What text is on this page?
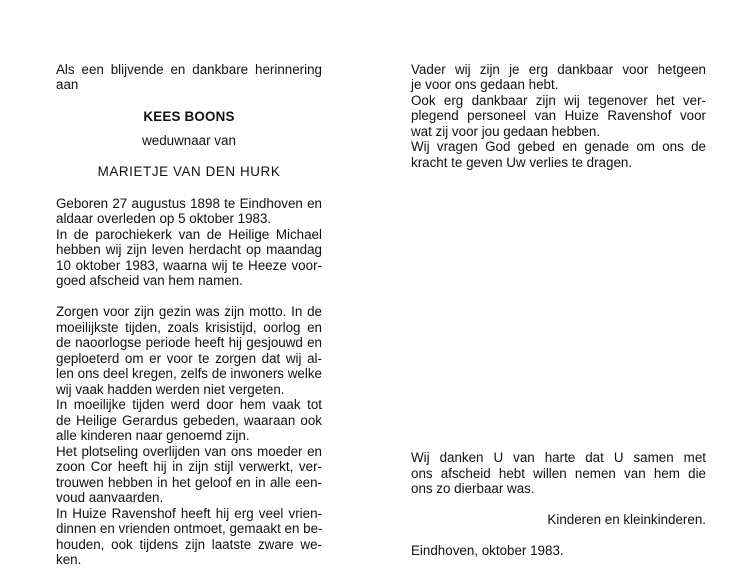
Als een blijvende en dankbare herinnering
aan
KEES BOONS
weduwnaar van
MARIETJE VAN DEN HURK
Geboren 27 augustus 1898 te Eindhoven en
aldaar overleden op 5 oktober 1983.
In de parochiekerk van de Heilige Michael
hebben wij zijn leven herdacht op maandag
10 oktober 1983, waarna wij te Heeze voor-
goed afscheid van hem namen.
Zorgen voor zijn gezin was zijn motto. In de
moeilijkste tijden, zoals krisistijd, oorlog en
de naoorlogse periode heeft hij gesjouwd en
geploeterd om er voor te zorgen dat wij al-
len ons deel kregen, zelfs de inwoners welke
wij vaak hadden werden niet vergeten.
In moeilijke tijden werd door hem vaak tot
de Heilige Gerardus gebeden, waaraan ook
alle kinderen naar genoemd zijn.
Het plotseling overlijden van ons moeder en
zoon Cor heeft hij in zijn stijl verwerkt, ver-
trouwen hebben in het geloof en in alle een-
voud aanvaarden.
In Huize Ravenshof heeft hij erg veel vrien-
dinnen en vrienden ontmoet, gemaakt en be-
houden, ook tijdens zijn laatste zware we-
ken.
Vader wij zijn je erg dankbaar voor hetgeen
je voor ons gedaan hebt.
Ook erg dankbaar zijn wij tegenover het ver-
plegend personeel van Huize Ravenshof voor
wat zij voor jou gedaan hebben.
Wij vragen God gebed en genade om ons de
kracht te geven Uw verlies te dragen.
Wij danken U van harte dat U samen met
ons afscheid hebt willen nemen van hem die
ons zo dierbaar was.
Kinderen en kleinkinderen.
Eindhoven, oktober 1983.
